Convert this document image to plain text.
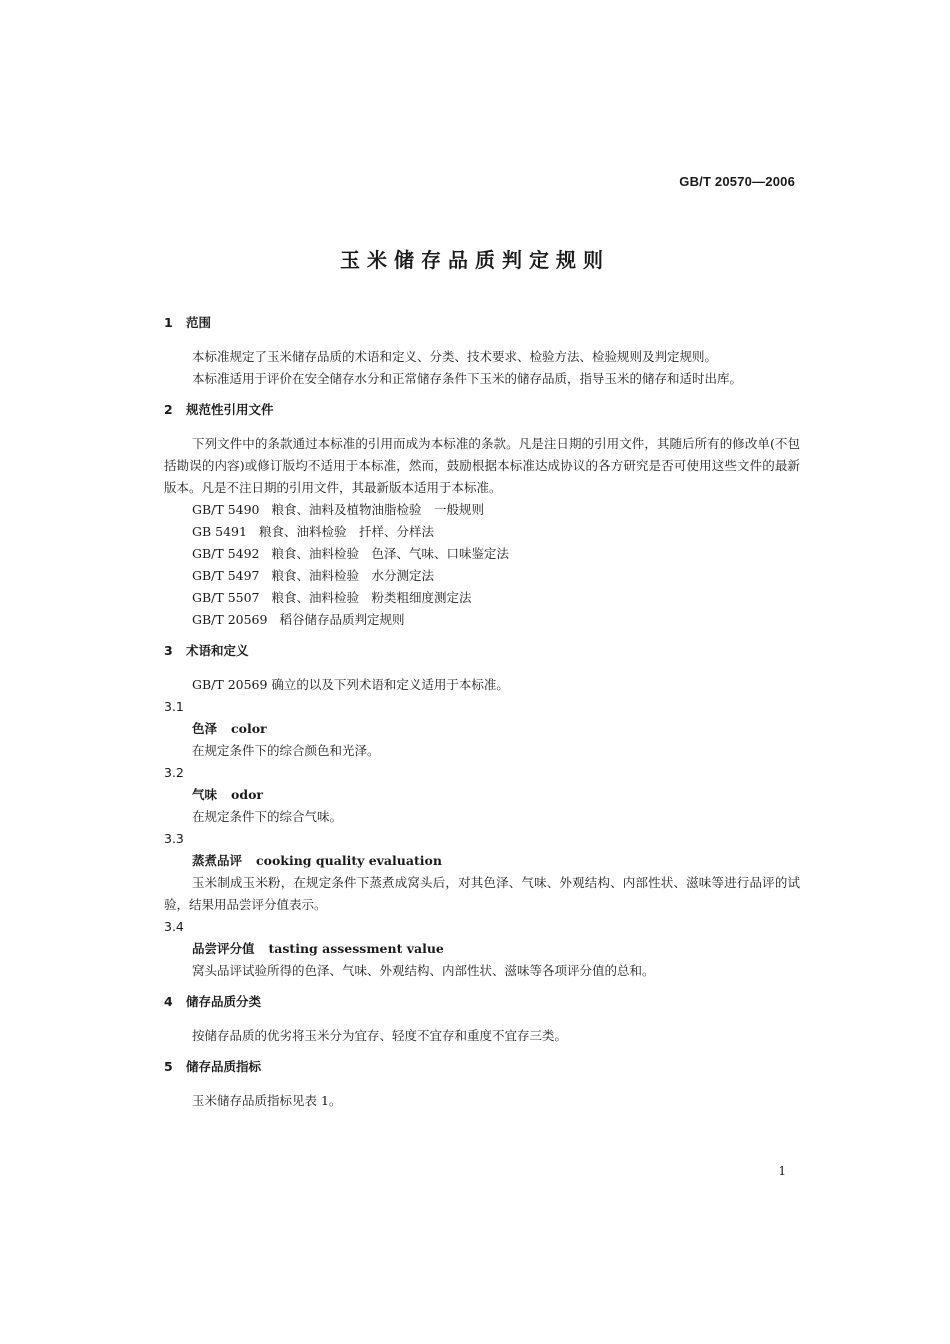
GB/T 20570—2006
玉米储存品质判定规则

1 范围

本标准规定了玉米储存品质的术语和定义、分类、技术要求、检验方法、检验规则及判定规则。

本标准适用于评价在安全储存水分和正常储存条件下玉米的储存品质，指导玉米的储存和适时出库。

2 规范性引用文件

下列文件中的条款通过本标准的引用而成为本标准的条款。凡是注日期的引用文件，其随后所有的修改单(不包括勘误的内容)或修订版均不适用于本标准，然而，鼓励根据本标准达成协议的各方研究是否可使用这些文件的最新版本。凡是不注日期的引用文件，其最新版本适用于本标准。

GB/T 5490 粮食、油料及植物油脂检验　一般规则
GB 5491 粮食、油料检验　扦样、分样法
GB/T 5492 粮食、油料检验　色泽、气味、口味鉴定法
GB/T 5497 粮食、油料检验　水分测定法
GB/T 5507 粮食、油料检验　粉类粗细度测定法
GB/T 20569 稻谷储存品质判定规则

3 术语和定义

GB/T 20569 确立的以及下列术语和定义适用于本标准。

3.1

色泽 color

在规定条件下的综合颜色和光泽。

3.2

气味 odor

在规定条件下的综合气味。

3.3

蒸煮品评 cooking quality evaluation

玉米制成玉米粉，在规定条件下蒸煮成窝头后，对其色泽、气味、外观结构、内部性状、滋味等进行品评的试验，结果用品尝评分值表示。

3.4

品尝评分值 tasting assessment value

窝头品评试验所得的色泽、气味、外观结构、内部性状、滋味等各项评分值的总和。

4 储存品质分类

按储存品质的优劣将玉米分为宜存、轻度不宜存和重度不宜存三类。

5 储存品质指标

玉米储存品质指标见表 1。

1
